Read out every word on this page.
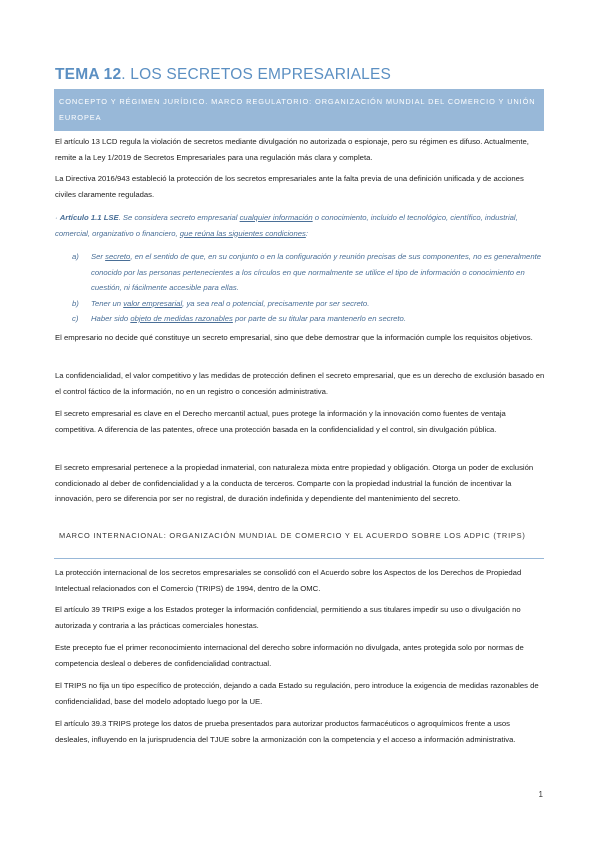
TEMA 12. LOS SECRETOS EMPRESARIALES
CONCEPTO Y RÉGIMEN JURÍDICO. MARCO REGULATORIO: ORGANIZACIÓN MUNDIAL DEL COMERCIO Y UNIÓN EUROPEA
El artículo 13 LCD regula la violación de secretos mediante divulgación no autorizada o espionaje, pero su régimen es difuso. Actualmente, remite a la Ley 1/2019 de Secretos Empresariales para una regulación más clara y completa.
La Directiva 2016/943 estableció la protección de los secretos empresariales ante la falta previa de una definición unificada y de acciones civiles claramente reguladas.
· Artículo 1.1 LSE. Se considera secreto empresarial cualquier información o conocimiento, incluido el tecnológico, científico, industrial, comercial, organizativo o financiero, que reúna las siguientes condiciones:
a) Ser secreto, en el sentido de que, en su conjunto o en la configuración y reunión precisas de sus componentes, no es generalmente conocido por las personas pertenecientes a los círculos en que normalmente se utilice el tipo de información o conocimiento en cuestión, ni fácilmente accesible para ellas.
b) Tener un valor empresarial, ya sea real o potencial, precisamente por ser secreto.
c) Haber sido objeto de medidas razonables por parte de su titular para mantenerlo en secreto.
El empresario no decide qué constituye un secreto empresarial, sino que debe demostrar que la información cumple los requisitos objetivos.
La confidencialidad, el valor competitivo y las medidas de protección definen el secreto empresarial, que es un derecho de exclusión basado en el control fáctico de la información, no en un registro o concesión administrativa.
El secreto empresarial es clave en el Derecho mercantil actual, pues protege la información y la innovación como fuentes de ventaja competitiva. A diferencia de las patentes, ofrece una protección basada en la confidencialidad y el control, sin divulgación pública.
El secreto empresarial pertenece a la propiedad inmaterial, con naturaleza mixta entre propiedad y obligación. Otorga un poder de exclusión condicionado al deber de confidencialidad y a la conducta de terceros. Comparte con la propiedad industrial la función de incentivar la innovación, pero se diferencia por ser no registral, de duración indefinida y dependiente del mantenimiento del secreto.
MARCO INTERNACIONAL: ORGANIZACIÓN MUNDIAL DE COMERCIO Y EL ACUERDO SOBRE LOS ADPIC (TRIPS)
La protección internacional de los secretos empresariales se consolidó con el Acuerdo sobre los Aspectos de los Derechos de Propiedad Intelectual relacionados con el Comercio (TRIPS) de 1994, dentro de la OMC.
El artículo 39 TRIPS exige a los Estados proteger la información confidencial, permitiendo a sus titulares impedir su uso o divulgación no autorizada y contraria a las prácticas comerciales honestas.
Este precepto fue el primer reconocimiento internacional del derecho sobre información no divulgada, antes protegida solo por normas de competencia desleal o deberes de confidencialidad contractual.
El TRIPS no fija un tipo específico de protección, dejando a cada Estado su regulación, pero introduce la exigencia de medidas razonables de confidencialidad, base del modelo adoptado luego por la UE.
El artículo 39.3 TRIPS protege los datos de prueba presentados para autorizar productos farmacéuticos o agroquímicos frente a usos desleales, influyendo en la jurisprudencia del TJUE sobre la armonización con la competencia y el acceso a información administrativa.
1
